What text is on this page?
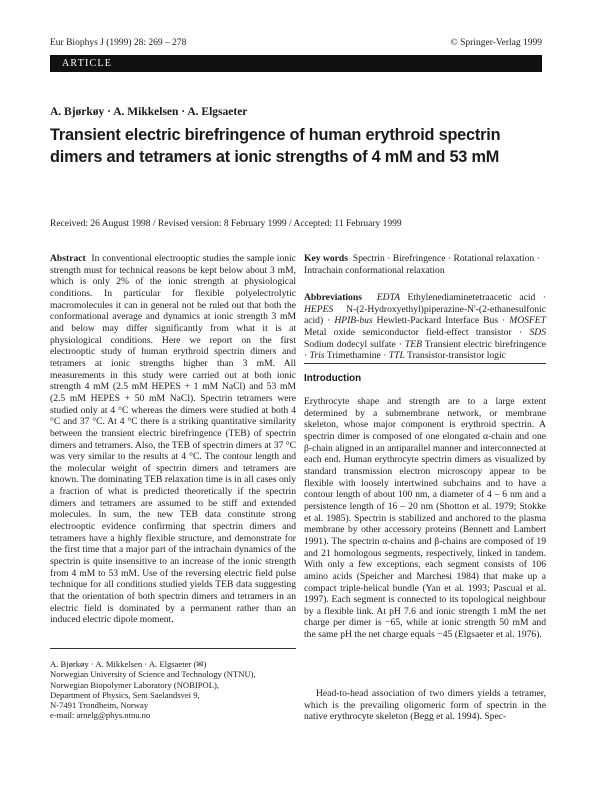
Eur Biophys J (1999) 28: 269 – 278	© Springer-Verlag 1999
ARTICLE
A. Bjørkøy · A. Mikkelsen · A. Elgsaeter
Transient electric birefringence of human erythroid spectrin dimers and tetramers at ionic strengths of 4 mM and 53 mM
Received: 26 August 1998 / Revised version: 8 February 1999 / Accepted: 11 February 1999

Abstract In conventional electrooptic studies the sample ionic strength must for technical reasons be kept below about 3 mM, which is only 2% of the ionic strength at physiological conditions. In particular for flexible polyelectrolytic macromolecules it can in general not be ruled out that both the conformational average and dynamics at ionic strength 3 mM and below may differ significantly from what it is at physiological conditions. Here we report on the first electrooptic study of human erythroid spectrin dimers and tetramers at ionic strengths higher than 3 mM. All measurements in this study were carried out at both ionic strength 4 mM (2.5 mM HEPES + 1 mM NaCl) and 53 mM (2.5 mM HEPES + 50 mM NaCl). Spectrin tetramers were studied only at 4 °C whereas the dimers were studied at both 4 °C and 37 °C. At 4 °C there is a striking quantitative similarity between the transient electric birefringence (TEB) of spectrin dimers and tetramers. Also, the TEB of spectrin dimers at 37 °C was very similar to the results at 4 °C. The contour length and the molecular weight of spectrin dimers and tetramers are known. The dominating TEB relaxation time is in all cases only a fraction of what is predicted theoretically if the spectrin dimers and tetramers are assumed to be stiff and extended molecules. In sum, the new TEB data constitute strong electrooptic evidence confirming that spectrin dimers and tetramers have a highly flexible structure, and demonstrate for the first time that a major part of the intrachain dynamics of the spectrin is quite insensitive to an increase of the ionic strength from 4 mM to 53 mM. Use of the reversing electric field pulse technique for all conditions studied yields TEB data suggesting that the orientation of both spectrin dimers and tetramers in an electric field is dominated by a permanent rather than an induced electric dipole moment.

A. Bjørkøy · A. Mikkelsen · A. Elgsaeter (✉)
Norwegian University of Science and Technology (NTNU),
Norwegian Biopolymer Laboratory (NOBIPOL),
Department of Physics, Sem Saelandsvei 9,
N-7491 Trondheim, Norway
e-mail: arnelg@phys.ntnu.no

Key words Spectrin · Birefringence · Rotational relaxation · Intrachain conformational relaxation

Abbreviations EDTA Ethylenediaminetetraacetic acid · HEPES N-(2-Hydroxyethyl)piperazine-N'-(2-ethanesulfonic acid) · HPIB-bus Hewlett-Packard Interface Bus · MOSFET Metal oxide semiconductor field-effect transistor · SDS Sodium dodecyl sulfate · TEB Transient electric birefringence · Tris Trimethamine · TTL Transistor-transistor logic

Introduction

Erythrocyte shape and strength are to a large extent determined by a submembrane network, or membrane skeleton, whose major component is erythroid spectrin. A spectrin dimer is composed of one elongated α-chain and one β-chain aligned in an antiparallel manner and interconnected at each end. Human erythrocyte spectrin dimers as visualized by standard transmission electron microscopy appear to be flexible with loosely intertwined subchains and to have a contour length of about 100 nm, a diameter of 4 – 6 nm and a persistence length of 16 – 20 nm (Shotton et al. 1979; Stokke et al. 1985). Spectrin is stabilized and anchored to the plasma membrane by other accessory proteins (Bennett and Lambert 1991). The spectrin α-chains and β-chains are composed of 19 and 21 homologous segments, respectively, linked in tandem. With only a few exceptions, each segment consists of 106 amino acids (Speicher and Marchesi 1984) that make up a compact triple-helical bundle (Yan et al. 1993; Pascual et al. 1997). Each segment is connected to its topological neighbour by a flexible link. At pH 7.6 and ionic strength 1 mM the net charge per dimer is −65, while at ionic strength 50 mM and the same pH the net charge equals −45 (Elgsaeter et al. 1976).

Head-to-head association of two dimers yields a tetramer, which is the prevailing oligomeric form of spectrin in the native erythrocyte skeleton (Begg et al. 1994). Spec-
